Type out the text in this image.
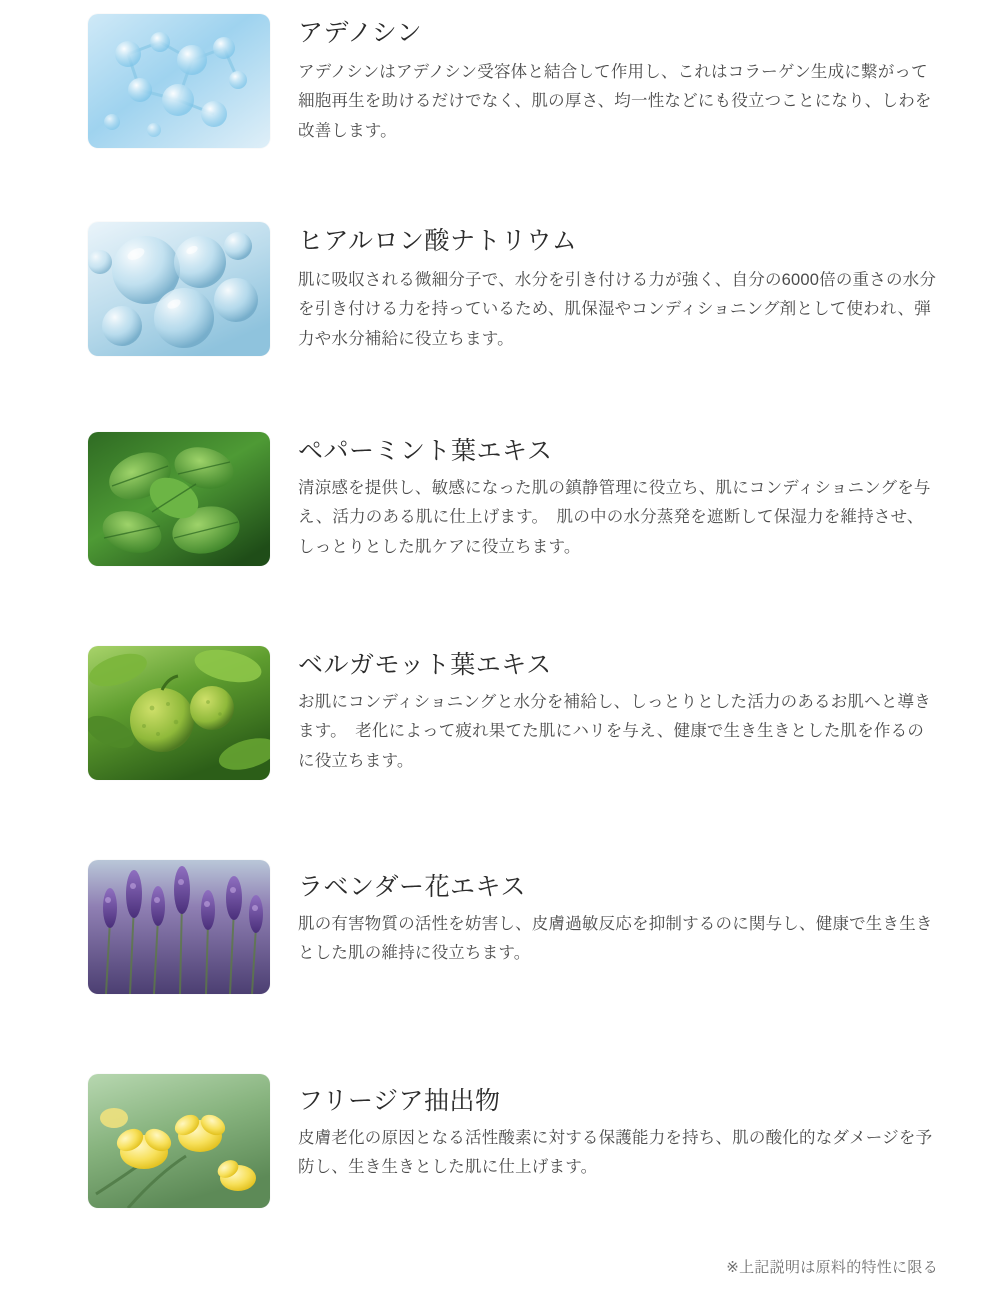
アデノシン

アデノシンはアデノシン受容体と結合して作用し、これはコラーゲン生成に繋がって細胞再生を助けるだけでなく、肌の厚さ、均一性などにも役立つことになり、しわを改善します。

ヒアルロン酸ナトリウム

肌に吸収される微細分子で、水分を引き付ける力が強く、自分の6000倍の重さの水分を引き付ける力を持っているため、肌保湿やコンディショニング剤として使われ、弾力や水分補給に役立ちます。

ペパーミント葉エキス

清涼感を提供し、敏感になった肌の鎮静管理に役立ち、肌にコンディショニングを与え、活力のある肌に仕上げます。　肌の中の水分蒸発を遮断して保湿力を維持させ、しっとりとした肌ケアに役立ちます。

ベルガモット葉エキス

お肌にコンディショニングと水分を補給し、しっとりとした活力のあるお肌へと導きます。　老化によって疲れ果てた肌にハリを与え、健康で生き生きとした肌を作るのに役立ちます。

ラベンダー花エキス

肌の有害物質の活性を妨害し、皮膚過敏反応を抑制するのに関与し、健康で生き生きとした肌の維持に役立ちます。

フリージア抽出物

皮膚老化の原因となる活性酸素に対する保護能力を持ち、肌の酸化的なダメージを予防し、生き生きとした肌に仕上げます。

※上記説明は原料的特性に限る
